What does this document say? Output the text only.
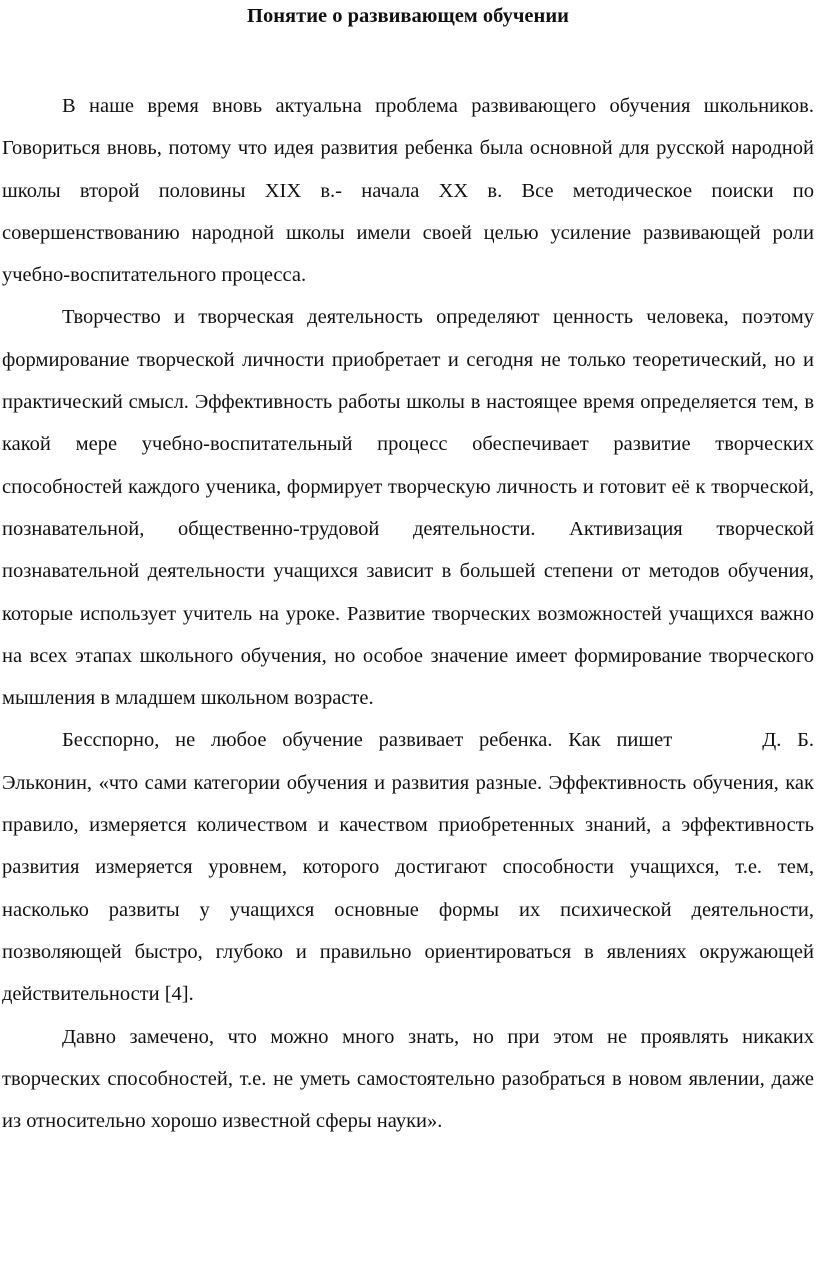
Понятие о развивающем обучении

В наше время вновь актуальна проблема развивающего обучения школьников. Говориться вновь, потому что идея развития ребенка была основной для русской народной школы второй половины XIX в.- начала XX в. Все методическое поиски по совершенствованию народной школы имели своей целью усиление развивающей роли учебно-воспитательного процесса.

Творчество и творческая деятельность определяют ценность человека, поэтому формирование творческой личности приобретает и сегодня не только теоретический, но и практический смысл. Эффективность работы школы в настоящее время определяется тем, в какой мере учебно-воспитательный процесс обеспечивает развитие творческих способностей каждого ученика, формирует творческую личность и готовит её к творческой, познавательной, общественно-трудовой деятельности. Активизация творческой познавательной деятельности учащихся зависит в большей степени от методов обучения, которые использует учитель на уроке. Развитие творческих возможностей учащихся важно на всех этапах школьного обучения, но особое значение имеет формирование творческого мышления в младшем школьном возрасте.

Бесспорно, не любое обучение развивает ребенка. Как пишет	Д. Б. Эльконин, «что сами категории обучения и развития разные. Эффективность обучения, как правило, измеряется количеством и качеством приобретенных знаний, а эффективность развития измеряется уровнем, которого достигают способности учащихся, т.е. тем, насколько развиты у учащихся основные формы их психической деятельности, позволяющей быстро, глубоко и правильно ориентироваться в явлениях окружающей действительности [4].

Давно замечено, что можно много знать, но при этом не проявлять никаких творческих способностей, т.е. не уметь самостоятельно разобраться в новом явлении, даже из относительно хорошо известной сферы науки».
